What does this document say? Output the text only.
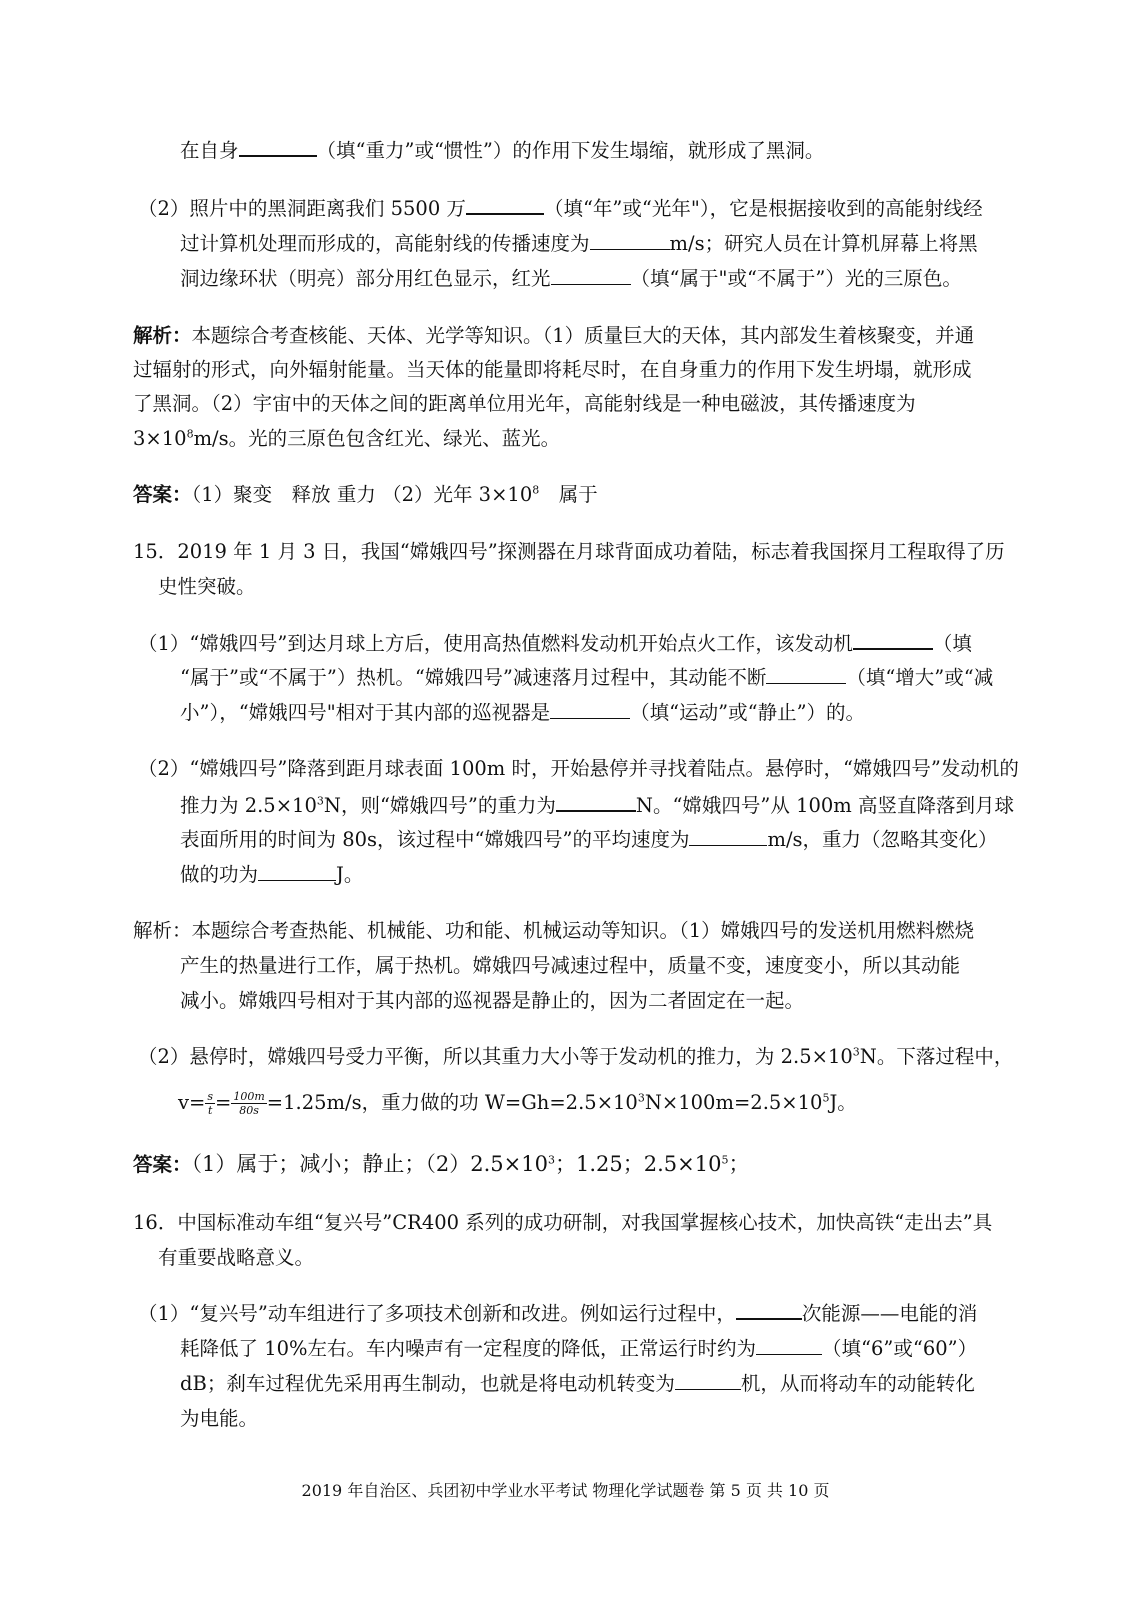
在自身	（填“重力”或“惯性”）的作用下发生塌缩，就形成了黑洞。
（2）照片中的黑洞距离我们 5500 万	（填“年”或“光年"），它是根据接收到的高能射线经
过计算机处理而形成的，高能射线的传播速度为	m/s；研究人员在计算机屏幕上将黑
洞边缘环状（明亮）部分用红色显示，红光	（填“属于"或“不属于”）光的三原色。
解析：本题综合考查核能、天体、光学等知识。（1）质量巨大的天体，其内部发生着核聚变，并通
过辐射的形式，向外辐射能量。当天体的能量即将耗尽时，在自身重力的作用下发生坍塌，就形成
了黑洞。（2）宇宙中的天体之间的距离单位用光年，高能射线是一种电磁波，其传播速度为
$3\times 10^8m/s$。光的三原色包含红光、绿光、蓝光。
答案：（1）聚变　释放 重力 （2）光年 $3\times 10^8$　属于
15．2019 年 1 月 3 日，我国“嫦娥四号”探测器在月球背面成功着陆，标志着我国探月工程取得了历
史性突破。
（1）“嫦娥四号”到达月球上方后，使用高热值燃料发动机开始点火工作，该发动机	（填
“属于”或“不属于”）热机。“嫦娥四号”减速落月过程中，其动能不断	（填“增大”或“减
小”），“嫦娥四号"相对于其内部的巡视器是	（填“运动”或“静止”）的。
（2）“嫦娥四号”降落到距月球表面 100m 时，开始悬停并寻找着陆点。悬停时，“嫦娥四号”发动机的
推力为 $2.5\times 10^3N$，则“嫦娥四号”的重力为	N。“嫦娥四号”从 100m 高竖直降落到月球
表面所用的时间为 80s，该过程中“嫦娥四号”的平均速度为	m/s，重力（忽略其变化）
做的功为	J。
解析：本题综合考查热能、机械能、功和能、机械运动等知识。（1）嫦娥四号的发送机用燃料燃烧
产生的热量进行工作，属于热机。嫦娥四号减速过程中，质量不变，速度变小，所以其动能
减小。嫦娥四号相对于其内部的巡视器是静止的，因为二者固定在一起。
（2）悬停时，嫦娥四号受力平衡，所以其重力大小等于发动机的推力，为 $2.5\times 10^3N$。下落过程中，
$v= \frac{s}{t} = \frac{100m}{80s} =1.25m/s$，重力做的功 $W=Gh=2.5\times 10^3N\times 100m=2.5\times 10^5J$。
答案：（1）属于；减小；静止；$(2)2.5\times 10^3$；1.25；$2.5\times 10^5$；
16．中国标准动车组“复兴号”CR400 系列的成功研制，对我国掌握核心技术，加快高铁“走出去”具
有重要战略意义。
（1）“复兴号”动车组进行了多项技术创新和改进。例如运行过程中，	次能源——电能的消
耗降低了 10%左右。车内噪声有一定程度的降低，正常运行时约为	（填“6”或“60”）
dB；刹车过程优先采用再生制动，也就是将电动机转变为	机，从而将动车的动能转化
为电能。
2019 年自治区、兵团初中学业水平考试 物理化学试题卷 第 5 页 共 10 页
